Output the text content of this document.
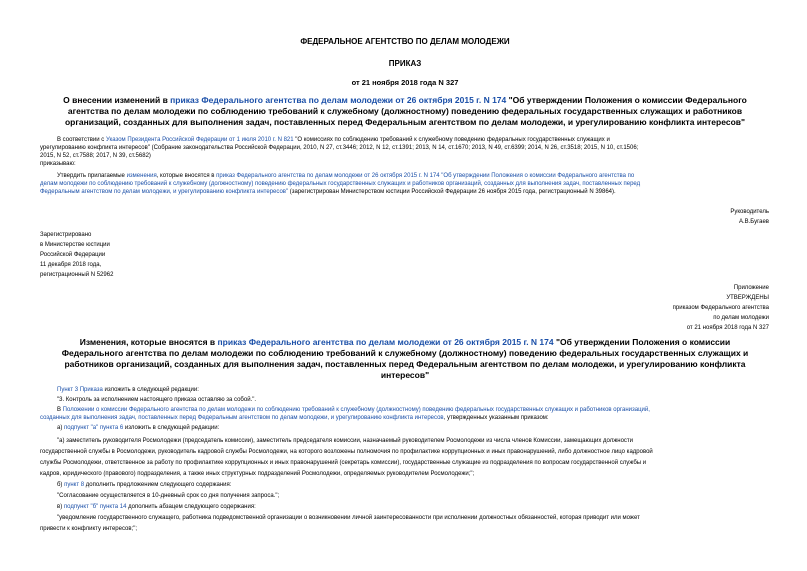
ФЕДЕРАЛЬНОЕ АГЕНТСТВО ПО ДЕЛАМ МОЛОДЕЖИ
ПРИКАЗ
от 21 ноября 2018 года N 327
О внесении изменений в приказ Федерального агентства по делам молодежи от 26 октября 2015 г. N 174 "Об утверждении Положения о комиссии Федерального
агентства по делам молодежи по соблюдению требований к служебному (должностному) поведению федеральных государственных служащих и работников
организаций, созданных для выполнения задач, поставленных перед Федеральным агентством по делам молодежи, и урегулированию конфликта интересов"
В соответствии с Указом Президента Российской Федерации от 1 июля 2010 г. N 821 "О комиссиях по соблюдению требований к служебному поведению федеральных государственных служащих и
урегулированию конфликта интересов" (Собрание законодательства Российской Федерации, 2010, N 27, ст.3446; 2012, N 12, ст.1391; 2013, N 14, ст.1670; 2013, N 49, ст.6399; 2014, N 26, ст.3518; 2015, N 10, ст.1506;
2015, N 52, ст.7588; 2017, N 39, ст.5682)
приказываю:
Утвердить прилагаемые изменения, которые вносятся в приказ Федерального агентства по делам молодежи от 26 октября 2015 г. N 174 "Об утверждении Положения о комиссии Федерального агентства по
делам молодежи по соблюдению требований к служебному (должностному) поведению федеральных государственных служащих и работников организаций, созданных для выполнения задач, поставленных перед
Федеральным агентством по делам молодежи, и урегулированию конфликта интересов" (зарегистрирован Министерством юстиции Российской Федерации 26 ноября 2015 года, регистрационный N 39864).
Руководитель
А.В.Бугаев
Зарегистрировано
в Министерстве юстиции
Российской Федерации
11 декабря 2018 года,
регистрационный N 52962
Приложение
УТВЕРЖДЕНЫ
приказом Федерального агентства
по делам молодежи
от 21 ноября 2018 года N 327
Изменения, которые вносятся в приказ Федерального агентства по делам молодежи от 26 октября 2015 г. N 174 "Об утверждении Положения о комиссии
Федерального агентства по делам молодежи по соблюдению требований к служебному (должностному) поведению федеральных государственных служащих и
работников организаций, созданных для выполнения задач, поставленных перед Федеральным агентством по делам молодежи, и урегулированию конфликта
интересов"
Пункт 3 Приказа изложить в следующей редакции:
"3. Контроль за исполнением настоящего приказа оставляю за собой.".
В Положении о комиссии Федерального агентства по делам молодежи по соблюдению требований к служебному (должностному) поведению федеральных государственных служащих и работников организаций,
созданных для выполнения задач, поставленных перед Федеральным агентством по делам молодежи, и урегулированию конфликта интересов, утвержденных указанным приказом:
а) подпункт "а" пункта 6 изложить в следующей редакции:
"а) заместитель руководителя Росмолодежи (председатель комиссии), заместитель председателя комиссии, назначаемый руководителем Росмолодежи из числа членов Комиссии, замещающих должности
государственной службы в Росмолодежи, руководитель кадровой службы Росмолодежи, на которого возложены полномочия по профилактике коррупционных и иных правонарушений, либо должностное лицо кадровой
службы Росмолодежи, ответственное за работу по профилактике коррупционных и иных правонарушений (секретарь комиссии), государственные служащие из подразделения по вопросам государственной службы и
кадров, юридического (правового) подразделения, а также иных структурных подразделений Росмолодежи, определяемых руководителем Росмолодежи;";
б) пункт 8 дополнить предложением следующего содержания:
"Согласование осуществляется в 10-дневный срок со дня получения запроса.";
в) подпункт "б" пункта 14 дополнить абзацем следующего содержания:
"уведомление государственного служащего, работника подведомственной организации о возникновении личной заинтересованности при исполнении должностных обязанностей, которая приводит или может
привести к конфликту интересов;";
